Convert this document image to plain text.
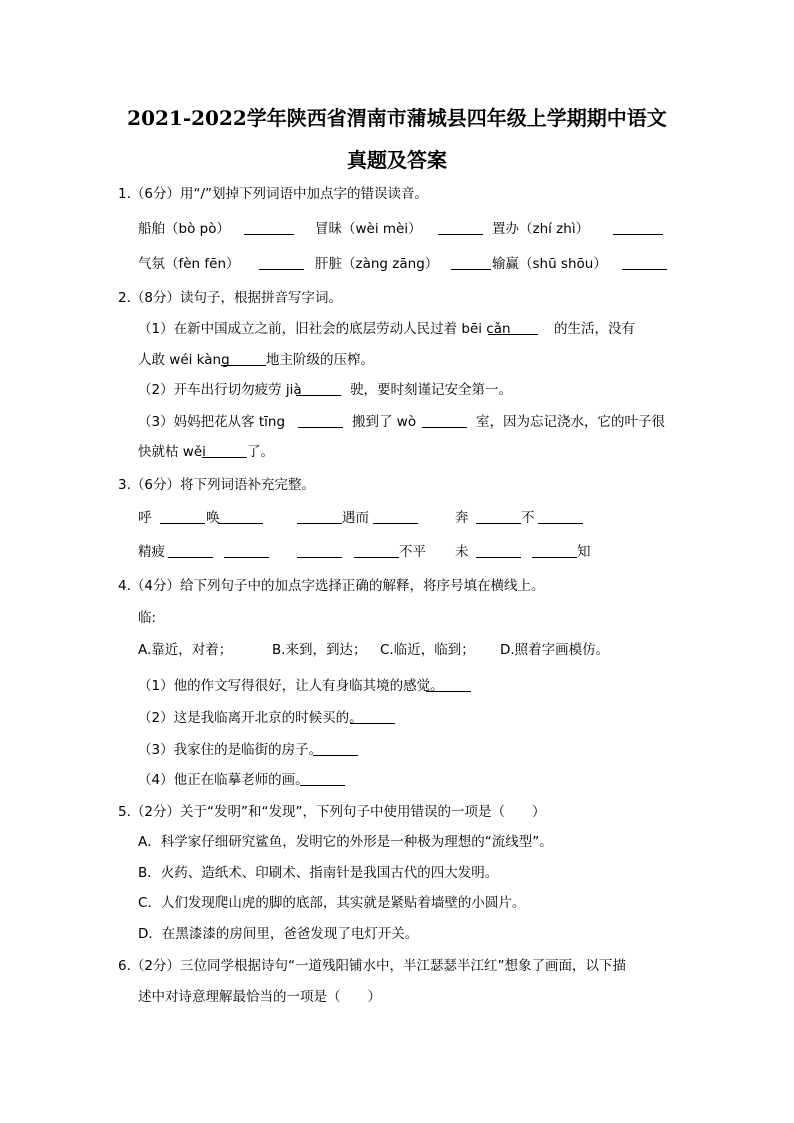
2021-2022学年陕西省渭南市蒲城县四年级上学期期中语文
真题及答案
1.（6分）用“/”划掉下列词语中加点字的错误读音。
船舶（bò pò）	冒昧（wèi mèi）	置办（zhí zhì）
气氛（fèn fēn）	肝脏（zàng zāng）	输赢（shū shōu）
2.（8分）读句子，根据拼音写字词。
（1）在新中国成立之前，旧社会的底层劳动人民过着 bēi cǎn	的生活，没有
人敢 wéi kàng	地主阶级的压榨。
（2）开车出行切勿疲劳 jià	驶，要时刻谨记安全第一。
（3）妈妈把花从客 tīng	搬到了 wò	室，因为忘记浇水，它的叶子很
快就枯 wěi	了。
3.（6分）将下列词语补充完整。
呼	唤	遇而	奔	不
精疲	不平 未	知
4.（4分）给下列句子中的加点字选择正确的解释，将序号填在横线上。
临:
A.靠近，对着；	B.来到，到达； C.临近，临到； D.照着字画模仿。
（1）他的作文写得很好，让人有身临其境的感觉。
（2）这是我临离开北京的时候买的。
（3）我家住的是临街的房子。
（4）他正在临摹老师的画。
5.（2分）关于“发明”和“发现”，下列句子中使用错误的一项是（　　）
A．科学家仔细研究鲨鱼，发明它的外形是一种极为理想的“流线型”。
B．火药、造纸术、印刷术、指南针是我国古代的四大发明。
C．人们发现爬山虎的脚的底部，其实就是紧贴着墙壁的小圆片。
D．在黑漆漆的房间里，爸爸发现了电灯开关。
6.（2分）三位同学根据诗句“一道残阳铺水中，半江瑟瑟半江红”想象了画面，以下描
述中对诗意理解最恰当的一项是（　　）
